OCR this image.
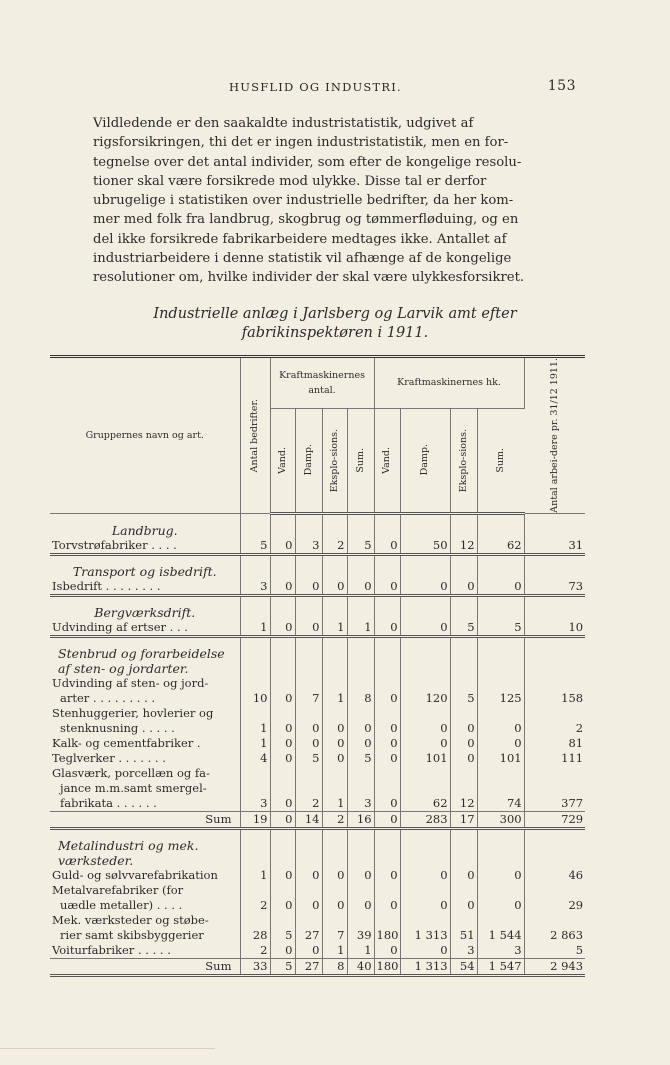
HUSFLID OG INDUSTRI.	153

Vildledende er den saakaldte industristatistik, udgivet af
rigsforsikringen, thi det er ingen industristatistik, men en for-
tegnelse over det antal individer, som efter de kongelige resolu-
tioner skal være forsikrede mod ulykke. Disse tal er derfor
ubrugelige i statistiken over industrielle bedrifter, da her kom-
mer med folk fra landbrug, skogbrug og tømmerfløduing, og en
del ikke forsikrede fabrikarbeidere medtages ikke. Antallet af
industriarbeidere i denne statistik vil afhænge af de kongelige
resolutioner om, hvilke individer der skal være ulykkesforsikret.

Industrielle anlæg i Jarlsberg og Larvik amt efter
fabrikinspektøren i 1911.
Gruppernes navn og art.	Antal bedrifter.	Kraftmaskinernes antal.				Kraftmaskinernes hk.				Antal arbei-dere pr. 31/12 1911.

		Vand.	Damp.	Eksplo-sions.	Sum.	Vand.	Damp.	Eksplo-sions.	Sum.	

Landbrug.										
Torvstrøfabriker . . . .	5	0	3	2	5	0	50	12	62	31

Transport og isbedrift.										
Isbedrift . . . . . . . .	3	0	0	0	0	0	0	0	0	73

Bergværksdrift.										
Udvinding af ertser . . .	1	0	0	1	1	0	0	5	5	10

Stenbrud og forarbeidelse										
af sten- og jordarter.										
Udvinding af sten- og jord-										
arter . . . . . . . . .	10	0	7	1	8	0	120	5	125	158
Stenhuggerier, hovlerier og										
stenknusning . . . . .	1	0	0	0	0	0	0	0	0	2
Kalk- og cementfabriker .	1	0	0	0	0	0	0	0	0	81
Teglverker . . . . . . .	4	0	5	0	5	0	101	0	101	111
Glasværk, porcellæn og fa-										
jance m.m.samt smergel-										
fabrikata . . . . . .	3	0	2	1	3	0	62	12	74	377
Sum	19	0	14	2	16	0	283	17	300	729

Metalindustri og mek.										
værksteder.										
Guld- og sølvvarefabrikation	1	0	0	0	0	0	0	0	0	46
Metalvarefabriker (for										
uædle metaller) . . . .	2	0	0	0	0	0	0	0	0	29
Mek. værksteder og støbe-										
rier samt skibsbyggerier	28	5	27	7	39	180	1 313	51	1 544	2 863
Voiturfabriker . . . . .	2	0	0	1	1	0	0	3	3	5
Sum	33	5	27	8	40	180	1 313	54	1 547	2 943
